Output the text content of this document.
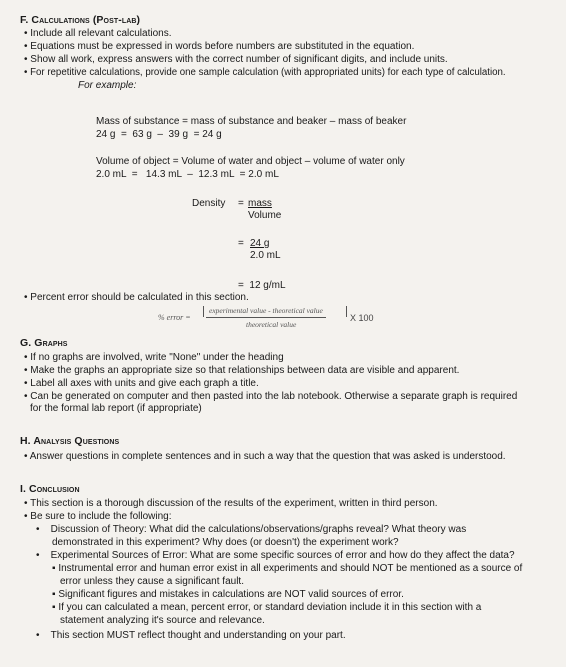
F. Calculations (Post-lab)
• Include all relevant calculations.
• Equations must be expressed in words before numbers are substituted in the equation.
• Show all work, express answers with the correct number of significant digits, and include units.
• For repetitive calculations, provide one sample calculation (with appropriated units) for each type of calculation.
For example:
Mass of substance = mass of substance and beaker – mass of beaker
24 g  =  63 g  –  39 g  = 24 g
Volume of object = Volume of water and object – volume of water only
2.0 mL  =   14.3 mL  –  12.3 mL  = 2.0 mL
Density = mass
Volume
= 24 g
2.0 mL
=  12 g/mL
• Percent error should be calculated in this section.
% error =
experimental value - theoretical value
theoretical value
X 100
G. Graphs
• If no graphs are involved, write "None" under the heading
• Make the graphs an appropriate size so that relationships between data are visible and apparent.
• Label all axes with units and give each graph a title.
• Can be generated on computer and then pasted into the lab notebook. Otherwise a separate graph is required
for the formal lab report (if appropriate)
H. Analysis Questions
• Answer questions in complete sentences and in such a way that the question that was asked is understood.
I. Conclusion
• This section is a thorough discussion of the results of the experiment, written in third person.
• Be sure to include the following:
•    Discussion of Theory: What did the calculations/observations/graphs reveal? What theory was
demonstrated in this experiment? Why does (or doesn't) the experiment work?
•    Experimental Sources of Error: What are some specific sources of error and how do they affect the data?
▪ Instrumental error and human error exist in all experiments and should NOT be mentioned as a source of
error unless they cause a significant fault.
▪ Significant figures and mistakes in calculations are NOT valid sources of error.
▪ If you can calculated a mean, percent error, or standard deviation include it in this section with a
statement analyzing it's source and relevance.
•    This section MUST reflect thought and understanding on your part.
